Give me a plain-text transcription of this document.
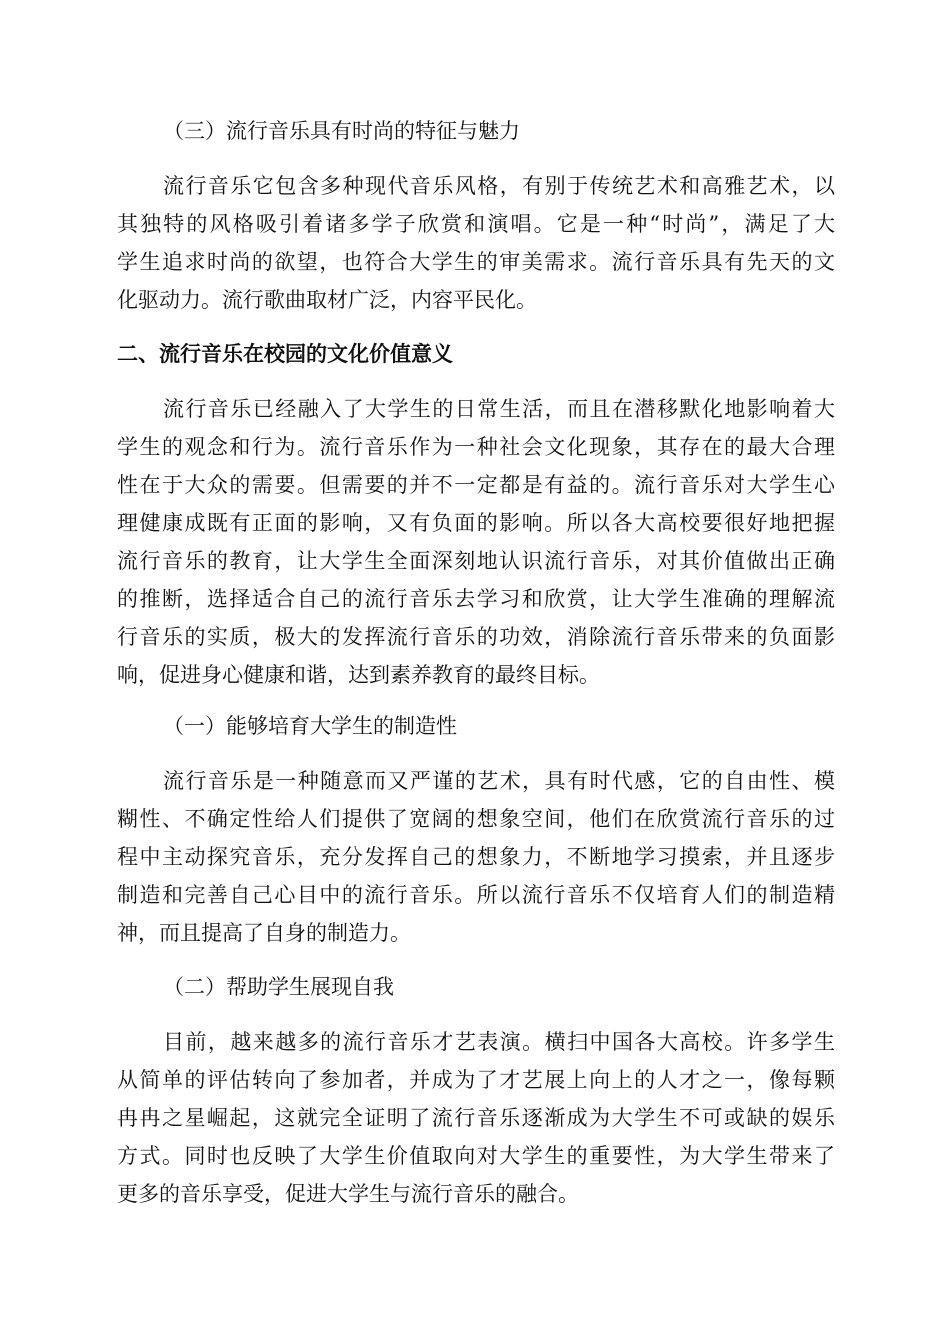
（三）流行音乐具有时尚的特征与魅力

流行音乐它包含多种现代音乐风格，有别于传统艺术和高雅艺术，以
其独特的风格吸引着诸多学子欣赏和演唱。它是一种“时尚”，满足了大
学生追求时尚的欲望，也符合大学生的审美需求。流行音乐具有先天的文
化驱动力。流行歌曲取材广泛，内容平民化。

二、流行音乐在校园的文化价值意义

流行音乐已经融入了大学生的日常生活，而且在潜移默化地影响着大
学生的观念和行为。流行音乐作为一种社会文化现象，其存在的最大合理
性在于大众的需要。但需要的并不一定都是有益的。流行音乐对大学生心
理健康成既有正面的影响，又有负面的影响。所以各大高校要很好地把握
流行音乐的教育，让大学生全面深刻地认识流行音乐，对其价值做出正确
的推断，选择适合自己的流行音乐去学习和欣赏，让大学生准确的理解流
行音乐的实质，极大的发挥流行音乐的功效，消除流行音乐带来的负面影
响，促进身心健康和谐，达到素养教育的最终目标。

（一）能够培育大学生的制造性

流行音乐是一种随意而又严谨的艺术，具有时代感，它的自由性、模
糊性、不确定性给人们提供了宽阔的想象空间，他们在欣赏流行音乐的过
程中主动探究音乐，充分发挥自己的想象力，不断地学习摸索，并且逐步
制造和完善自己心目中的流行音乐。所以流行音乐不仅培育人们的制造精
神，而且提高了自身的制造力。

（二）帮助学生展现自我

目前，越来越多的流行音乐才艺表演。横扫中国各大高校。许多学生
从简单的评估转向了参加者，并成为了才艺展上向上的人才之一，像每颗
冉冉之星崛起，这就完全证明了流行音乐逐渐成为大学生不可或缺的娱乐
方式。同时也反映了大学生价值取向对大学生的重要性，为大学生带来了
更多的音乐享受，促进大学生与流行音乐的融合。
